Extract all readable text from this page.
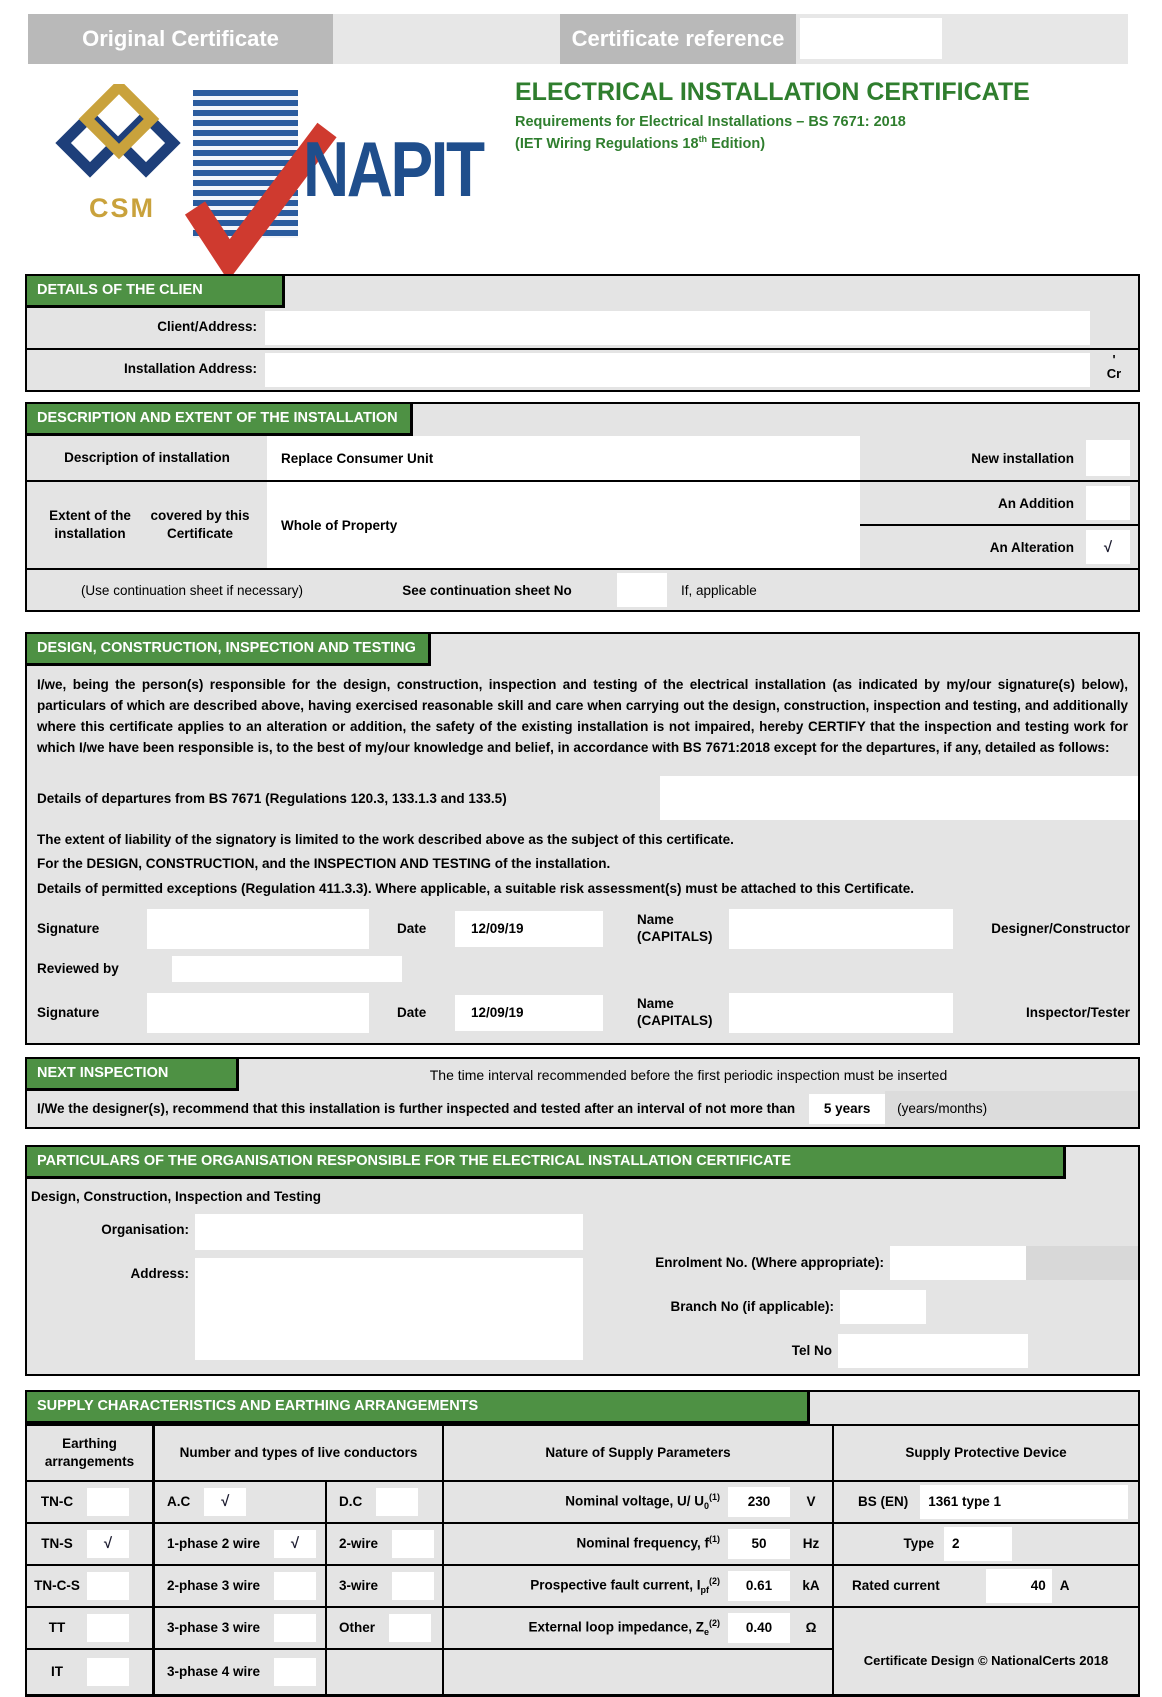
Original Certificate	Certificate reference
CSM	NAPIT
ELECTRICAL INSTALLATION CERTIFICATE
Requirements for Electrical Installations – BS 7671: 2018
(IET Wiring Regulations 18th Edition)
DETAILS OF THE CLIEN
Client/Address:
Installation Address:
'
Cr
DESCRIPTION AND EXTENT OF THE INSTALLATION
Description of installation	Replace Consumer Unit	New installation
Extent of the installation

covered by this Certificate
Whole of Property
An Addition
An Alteration	√
(Use continuation sheet if necessary)	See continuation sheet No	If, applicable
DESIGN, CONSTRUCTION, INSPECTION AND TESTING
I/we, being the person(s) responsible for the design, construction, inspection and testing of the electrical installation (as indicated by my/our signature(s) below), particulars of which are described above, having exercised reasonable skill and care when carrying out the design, construction, inspection and testing, and additionally where this certificate applies to an alteration or addition, the safety of the existing installation is not impaired, hereby CERTIFY that the inspection and testing work for which I/we have been responsible is, to the best of my/our knowledge and belief, in accordance with BS 7671:2018 except for the departures, if any, detailed as follows:
Details of departures from BS 7671 (Regulations 120.3, 133.1.3 and 133.5)
The extent of liability of the signatory is limited to the work described above as the subject of this certificate.
For the DESIGN, CONSTRUCTION, and the INSPECTION AND TESTING of the installation.
Details of permitted exceptions (Regulation 411.3.3). Where applicable, a suitable risk assessment(s) must be attached to this Certificate.
Signature	Date	12/09/19
Name
(CAPITALS)	Designer/Constructor
Reviewed by
Signature	Date	12/09/19
Name
(CAPITALS)	Inspector/Tester
NEXT INSPECTION	The time interval recommended before the first periodic inspection must be inserted
I/We the designer(s), recommend that this installation is further inspected and tested after an interval of not more than	5 years	(years/months)
PARTICULARS OF THE ORGANISATION RESPONSIBLE FOR THE ELECTRICAL INSTALLATION CERTIFICATE
Design, Construction, Inspection and Testing
Organisation:
Address:
Enrolment No. (Where appropriate):
Branch No (if applicable):
Tel No
SUPPLY CHARACTERISTICS AND EARTHING ARRANGEMENTS
Earthing
arrangements
Number and types of live conductors	Nature of Supply Parameters	Supply Protective Device
TN-C	A.C	√	D.C	Nominal voltage, U/ $U_0^{(1)}$	230	V	BS (EN)	1361 type 1
TN-S	√	1-phase 2 wire	√	2-wire	Nominal frequency, $f^{(1)}$	50	Hz	Type	2
TN-C-S	2-phase 3 wire	3-wire	Prospective fault current, $I_{pf}^{(2)}$	0.61	kA	Rated current	40	A
TT	3-phase 3 wire	Other	External loop impedance, $Z_e^{(2)}$	0.40	Ω
Certificate Design © NationalCerts 2018
IT	3-phase 4 wire
